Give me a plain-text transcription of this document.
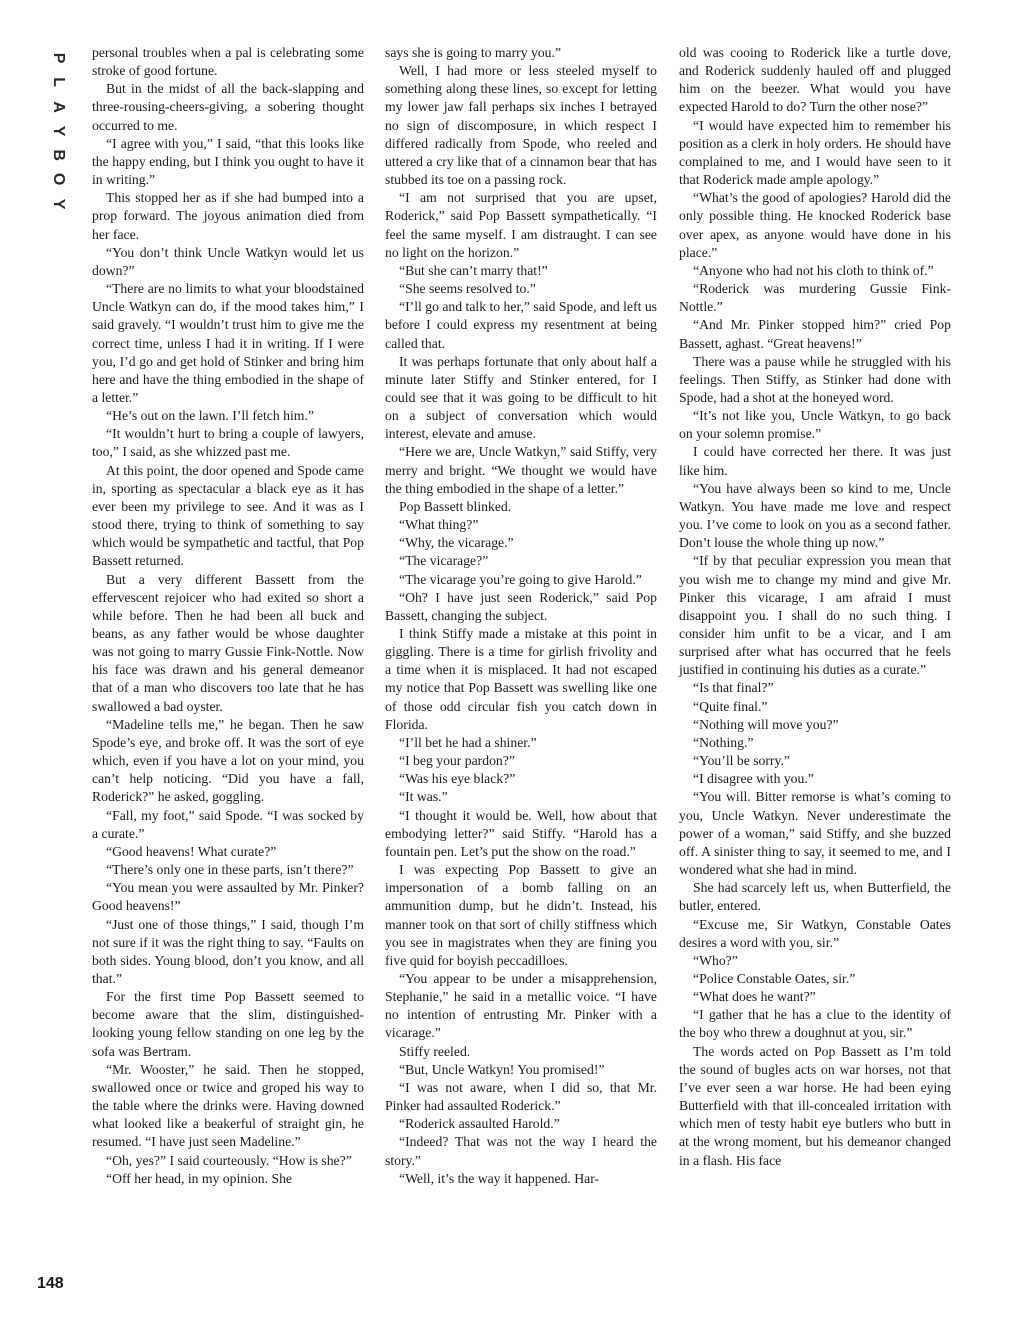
P
L
A
Y
B
O
Y

personal troubles when a pal is celebrating some stroke of good fortune.

But in the midst of all the back-slapping and three-rousing-cheers-giving, a sobering thought occurred to me.

“I agree with you,” I said, “that this looks like the happy ending, but I think you ought to have it in writing.”

This stopped her as if she had bumped into a prop forward. The joyous animation died from her face.

“You don’t think Uncle Watkyn would let us down?”

“There are no limits to what your bloodstained Uncle Watkyn can do, if the mood takes him,” I said gravely. “I wouldn’t trust him to give me the correct time, unless I had it in writing. If I were you, I’d go and get hold of Stinker and bring him here and have the thing embodied in the shape of a letter.”

“He’s out on the lawn. I’ll fetch him.”

“It wouldn’t hurt to bring a couple of lawyers, too,” I said, as she whizzed past me.

At this point, the door opened and Spode came in, sporting as spectacular a black eye as it has ever been my privilege to see. And it was as I stood there, trying to think of something to say which would be sympathetic and tactful, that Pop Bassett returned.

But a very different Bassett from the effervescent rejoicer who had exited so short a while before. Then he had been all buck and beans, as any father would be whose daughter was not going to marry Gussie Fink-Nottle. Now his face was drawn and his general demeanor that of a man who discovers too late that he has swallowed a bad oyster.

“Madeline tells me,” he began. Then he saw Spode’s eye, and broke off. It was the sort of eye which, even if you have a lot on your mind, you can’t help noticing. “Did you have a fall, Roderick?” he asked, goggling.

“Fall, my foot,” said Spode. “I was socked by a curate.”

“Good heavens! What curate?”

“There’s only one in these parts, isn’t there?”

“You mean you were assaulted by Mr. Pinker? Good heavens!”

“Just one of those things,” I said, though I’m not sure if it was the right thing to say. “Faults on both sides. Young blood, don’t you know, and all that.”

For the first time Pop Bassett seemed to become aware that the slim, distinguished-looking young fellow standing on one leg by the sofa was Bertram.

“Mr. Wooster,” he said. Then he stopped, swallowed once or twice and groped his way to the table where the drinks were. Having downed what looked like a beakerful of straight gin, he resumed. “I have just seen Madeline.”

“Oh, yes?” I said courteously. “How is she?”

“Off her head, in my opinion. She

says she is going to marry you.”

Well, I had more or less steeled myself to something along these lines, so except for letting my lower jaw fall perhaps six inches I betrayed no sign of discomposure, in which respect I differed radically from Spode, who reeled and uttered a cry like that of a cinnamon bear that has stubbed its toe on a passing rock.

“I am not surprised that you are upset, Roderick,” said Pop Bassett sympathetically. “I feel the same myself. I am distraught. I can see no light on the horizon.”

“But she can’t marry that!”

“She seems resolved to.”

“I’ll go and talk to her,” said Spode, and left us before I could express my resentment at being called that.

It was perhaps fortunate that only about half a minute later Stiffy and Stinker entered, for I could see that it was going to be difficult to hit on a subject of conversation which would interest, elevate and amuse.

“Here we are, Uncle Watkyn,” said Stiffy, very merry and bright. “We thought we would have the thing embodied in the shape of a letter.”

Pop Bassett blinked.

“What thing?”

“Why, the vicarage.”

“The vicarage?”

“The vicarage you’re going to give Harold.”

“Oh? I have just seen Roderick,” said Pop Bassett, changing the subject.

I think Stiffy made a mistake at this point in giggling. There is a time for girlish frivolity and a time when it is misplaced. It had not escaped my notice that Pop Bassett was swelling like one of those odd circular fish you catch down in Florida.

“I’ll bet he had a shiner.”

“I beg your pardon?”

“Was his eye black?”

“It was.”

“I thought it would be. Well, how about that embodying letter?” said Stiffy. “Harold has a fountain pen. Let’s put the show on the road.”

I was expecting Pop Bassett to give an impersonation of a bomb falling on an ammunition dump, but he didn’t. Instead, his manner took on that sort of chilly stiffness which you see in magistrates when they are fining you five quid for boyish peccadilloes.

“You appear to be under a misapprehension, Stephanie,” he said in a metallic voice. “I have no intention of entrusting Mr. Pinker with a vicarage.”

Stiffy reeled.

“But, Uncle Watkyn! You promised!”

“I was not aware, when I did so, that Mr. Pinker had assaulted Roderick.”

“Roderick assaulted Harold.”

“Indeed? That was not the way I heard the story.”

“Well, it’s the way it happened. Har-

old was cooing to Roderick like a turtle dove, and Roderick suddenly hauled off and plugged him on the beezer. What would you have expected Harold to do? Turn the other nose?”

“I would have expected him to remember his position as a clerk in holy orders. He should have complained to me, and I would have seen to it that Roderick made ample apology.”

“What’s the good of apologies? Harold did the only possible thing. He knocked Roderick base over apex, as anyone would have done in his place.”

“Anyone who had not his cloth to think of.”

“Roderick was murdering Gussie Fink-Nottle.”

“And Mr. Pinker stopped him?” cried Pop Bassett, aghast. “Great heavens!”

There was a pause while he struggled with his feelings. Then Stiffy, as Stinker had done with Spode, had a shot at the honeyed word.

“It’s not like you, Uncle Watkyn, to go back on your solemn promise.”

I could have corrected her there. It was just like him.

“You have always been so kind to me, Uncle Watkyn. You have made me love and respect you. I’ve come to look on you as a second father. Don’t louse the whole thing up now.”

“If by that peculiar expression you mean that you wish me to change my mind and give Mr. Pinker this vicarage, I am afraid I must disappoint you. I shall do no such thing. I consider him unfit to be a vicar, and I am surprised after what has occurred that he feels justified in continuing his duties as a curate.”

“Is that final?”

“Quite final.”

“Nothing will move you?”

“Nothing.”

“You’ll be sorry.”

“I disagree with you.”

“You will. Bitter remorse is what’s coming to you, Uncle Watkyn. Never underestimate the power of a woman,” said Stiffy, and she buzzed off. A sinister thing to say, it seemed to me, and I wondered what she had in mind.

She had scarcely left us, when Butterfield, the butler, entered.

“Excuse me, Sir Watkyn, Constable Oates desires a word with you, sir.”

“Who?”

“Police Constable Oates, sir.”

“What does he want?”

“I gather that he has a clue to the identity of the boy who threw a doughnut at you, sir.”

The words acted on Pop Bassett as I’m told the sound of bugles acts on war horses, not that I’ve ever seen a war horse. He had been eying Butterfield with that ill-concealed irritation with which men of testy habit eye butlers who butt in at the wrong moment, but his demeanor changed in a flash. His face

148
